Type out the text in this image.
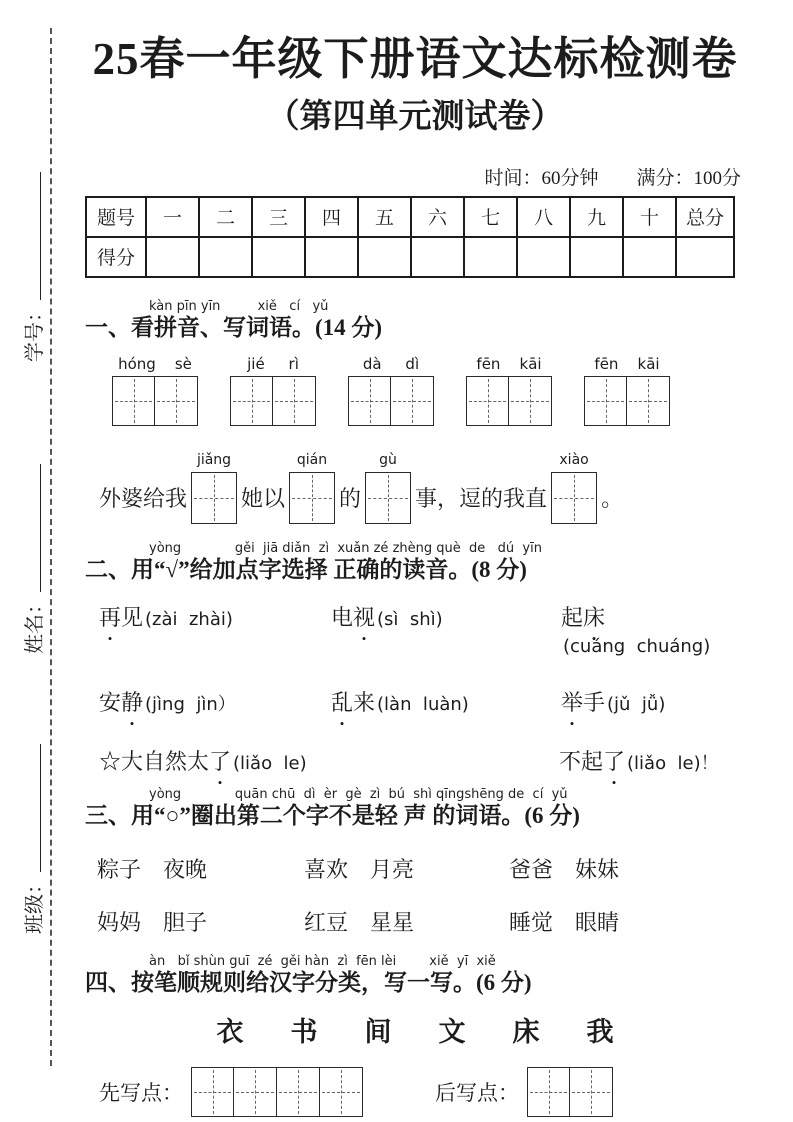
学号：
姓名：
班级：
25春一年级下册语文达标检测卷
（第四单元测试卷）
时间：60分钟　　满分：100分
题号	一	二	三	四	五	六	七	八	九	十	总分
得分											
kàn pīn yīn         xiě   cí   yǔ
一、看拼音、写词语。(14 分)
hóng    sè	jié     rì	dà     dì	fēn    kāi	fēn    kāi
外婆给我
jiǎng
她以
qián
的
gù
事，逗的我直
xiào
。
yòng             gěi  jiā diǎn  zì  xuǎn zé zhèng què  de   dú  yīn
二、用“√”给加点字选择 正确的读音。(8 分)
再见 (zài  zhài)	电视 (sì  shì)	起床(cuáng  chuáng)
安静 (jìng  jìn）	乱来 (làn  luàn)	举手 (jǔ  jǚ)
☆大自然太了 (liǎo  le)	不起了 (liǎo  le)！
yòng             quān chū  dì  èr  gè  zì  bú  shì qīngshēng de  cí  yǔ
三、用“○”圈出第二个字不是轻 声 的词语。(6 分)
粽子　夜晚	喜欢　月亮	爸爸　妹妹
妈妈　胆子	红豆　星星	睡觉　眼睛
àn   bǐ shùn guī  zé  gěi hàn  zì  fēn lèi        xiě  yī  xiě
四、按笔顺规则给汉字分类，写一写。(6 分)
衣 书 间 文 床 我
先写点：	后写点：
